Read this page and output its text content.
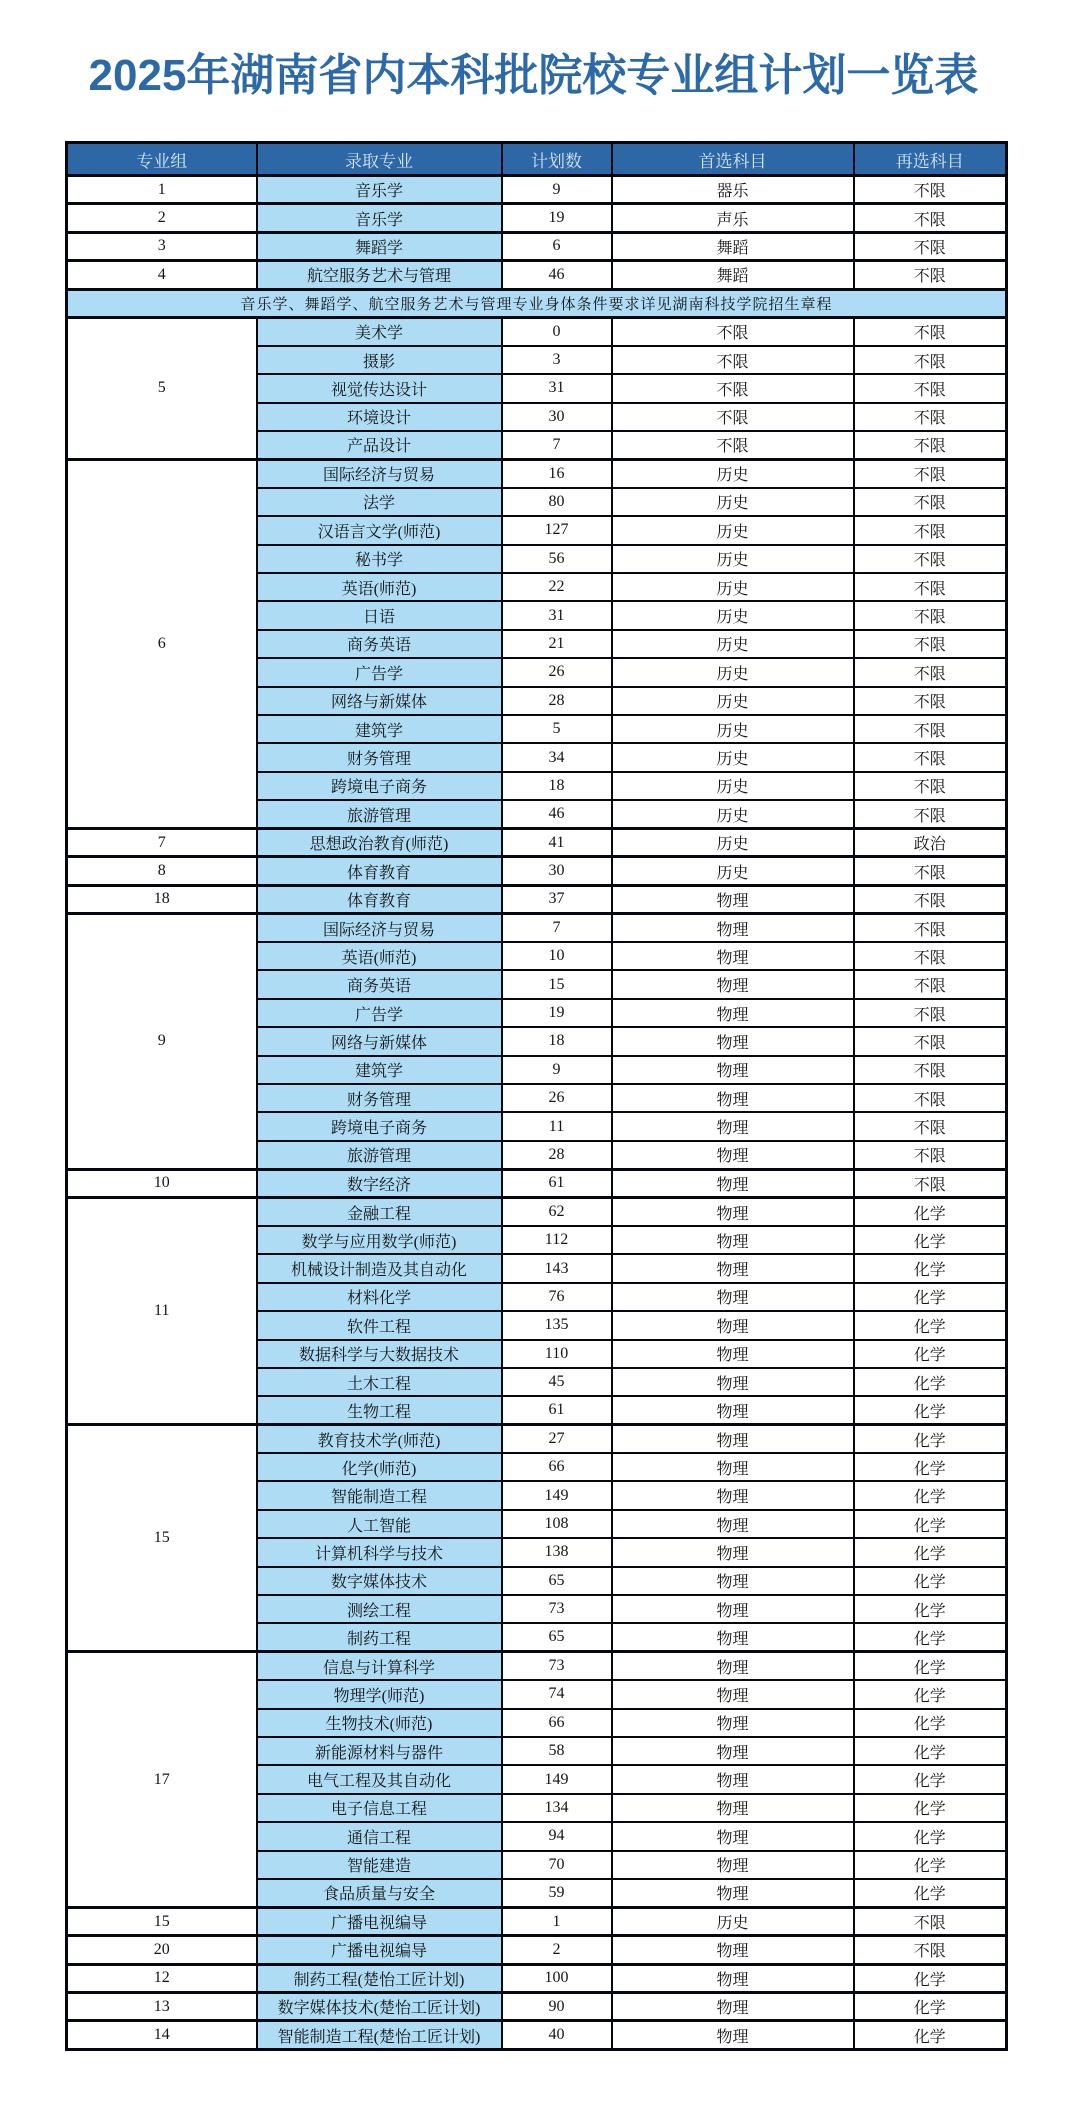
2025年湖南省内本科批院校专业组计划一览表
专业组	录取专业	计划数	首选科目	再选科目
1	音乐学	9	器乐	不限
2	音乐学	19	声乐	不限
3	舞蹈学	6	舞蹈	不限
4	航空服务艺术与管理	46	舞蹈	不限
音乐学、舞蹈学、航空服务艺术与管理专业身体条件要求详见湖南科技学院招生章程				
5	美术学	0	不限	不限
	摄影	3	不限	不限
	视觉传达设计	31	不限	不限
	环境设计	30	不限	不限
	产品设计	7	不限	不限
6	国际经济与贸易	16	历史	不限
	法学	80	历史	不限
	汉语言文学(师范)	127	历史	不限
	秘书学	56	历史	不限
	英语(师范)	22	历史	不限
	日语	31	历史	不限
	商务英语	21	历史	不限
	广告学	26	历史	不限
	网络与新媒体	28	历史	不限
	建筑学	5	历史	不限
	财务管理	34	历史	不限
	跨境电子商务	18	历史	不限
	旅游管理	46	历史	不限
7	思想政治教育(师范)	41	历史	政治
8	体育教育	30	历史	不限
18	体育教育	37	物理	不限
9	国际经济与贸易	7	物理	不限
	英语(师范)	10	物理	不限
	商务英语	15	物理	不限
	广告学	19	物理	不限
	网络与新媒体	18	物理	不限
	建筑学	9	物理	不限
	财务管理	26	物理	不限
	跨境电子商务	11	物理	不限
	旅游管理	28	物理	不限
10	数字经济	61	物理	不限
11	金融工程	62	物理	化学
	数学与应用数学(师范)	112	物理	化学
	机械设计制造及其自动化	143	物理	化学
	材料化学	76	物理	化学
	软件工程	135	物理	化学
	数据科学与大数据技术	110	物理	化学
	土木工程	45	物理	化学
	生物工程	61	物理	化学
15	教育技术学(师范)	27	物理	化学
	化学(师范)	66	物理	化学
	智能制造工程	149	物理	化学
	人工智能	108	物理	化学
	计算机科学与技术	138	物理	化学
	数字媒体技术	65	物理	化学
	测绘工程	73	物理	化学
	制药工程	65	物理	化学
17	信息与计算科学	73	物理	化学
	物理学(师范)	74	物理	化学
	生物技术(师范)	66	物理	化学
	新能源材料与器件	58	物理	化学
	电气工程及其自动化	149	物理	化学
	电子信息工程	134	物理	化学
	通信工程	94	物理	化学
	智能建造	70	物理	化学
	食品质量与安全	59	物理	化学
15	广播电视编导	1	历史	不限
20	广播电视编导	2	物理	不限
12	制药工程(楚怡工匠计划)	100	物理	化学
13	数字媒体技术(楚怡工匠计划)	90	物理	化学
14	智能制造工程(楚怡工匠计划)	40	物理	化学
